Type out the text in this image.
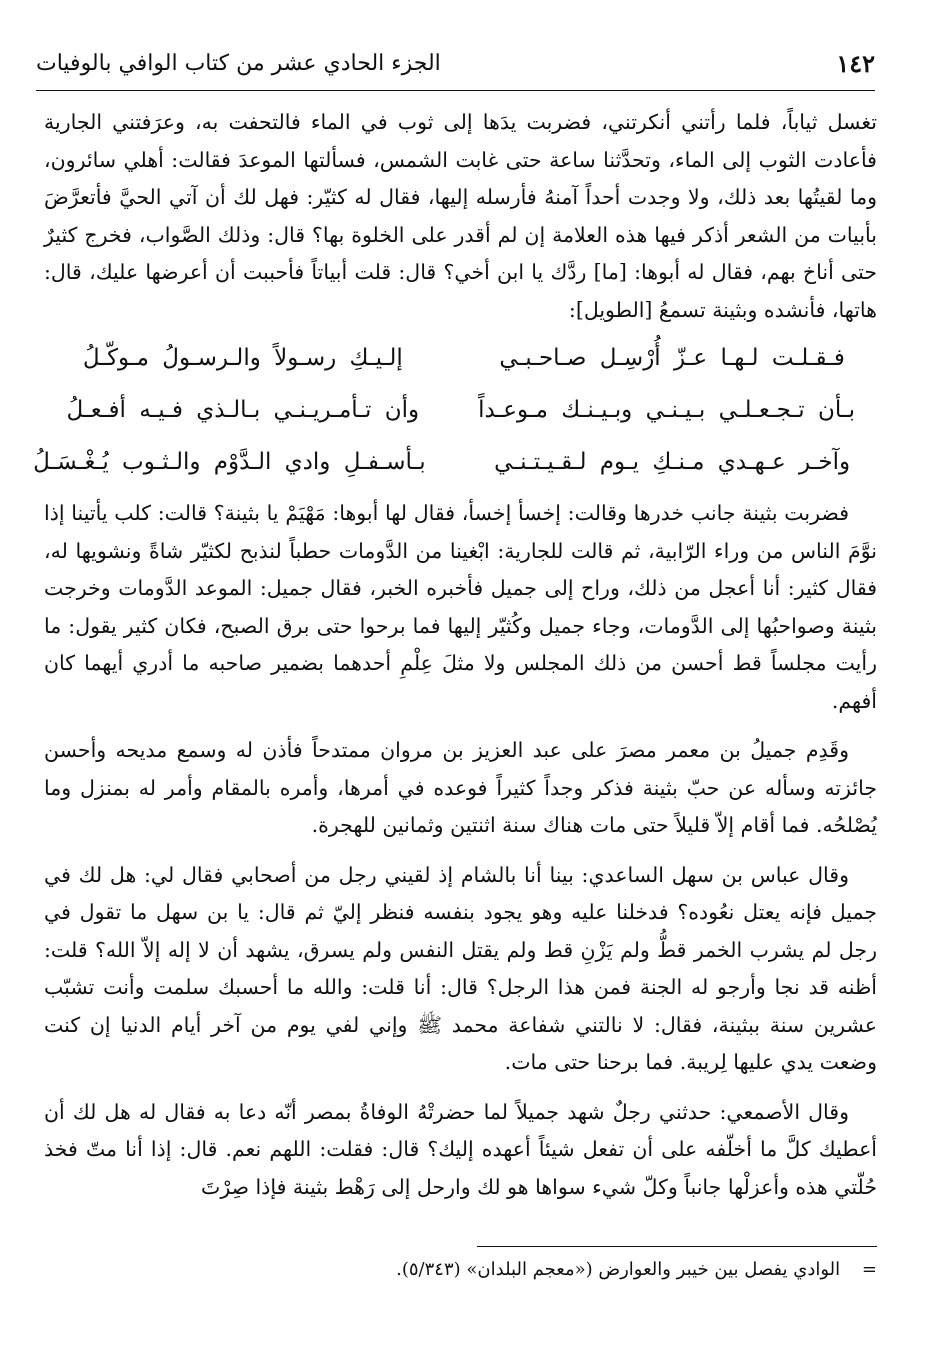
١٤٢
الجزء الحادي عشر من كتاب الوافي بالوفيات

تغسل ثياباً، فلما رأتني أنكرتني، فضربت يدَها إلى ثوب في الماء فالتحفت به، وعرَفتني الجارية فأعادت الثوب إلى الماء، وتحدَّثنا ساعة حتى غابت الشمس، فسألتها الموعدَ فقالت: أهلي سائرون، وما لقيتُها بعد ذلك، ولا وجدت أحداً آمنهُ فأرسله إليها، فقال له كثيّر: فهل لك أن آتي الحيَّ فأتعرَّضَ بأبيات من الشعر أذكر فيها هذه العلامة إن لم أقدر على الخلوة بها؟ قال: وذلك الصَّواب، فخرج كثيرٌ حتى أناخ بهم، فقال له أبوها: [ما] ردَّك يا ابن أخي؟ قال: قلت أبياتاً فأحببت أن أعرضها عليك، قال: هاتها، فأنشده وبثينة تسمعُ [الطويل]:

فـقـلـت لـهـا عـزّ أُرْسِـل صـاحـبـي
إلـيـكِ رسـولاً والـرسـولُ مـوكّـلُ
بـأن تـجـعـلـي بـيـنـي وبـيـنـك مـوعـداً
وأن تـأمـريـنـي بـالـذي فـيـه أفـعـلُ
وآخـر عـهـدي مـنـكِ يـوم لـقـيـتـنـي
بـأسـفـلِ وادي الـدَّوْم والـثـوب يُـغْـسَـلُ

فضربت بثينة جانب خدرها وقالت: إخسأ إخسأ، فقال لها أبوها: مَهْيَمْ يا بثينة؟ قالت: كلب يأتينا إذا نوَّمَ الناس من وراء الرّابية، ثم قالت للجارية: ابْغينا من الدَّومات حطباً لنذبح لكثيّر شاةً ونشويها له، فقال كثير: أنا أعجل من ذلك، وراح إلى جميل فأخبره الخبر، فقال جميل: الموعد الدَّومات وخرجت بثينة وصواحبُها إلى الدَّومات، وجاء جميل وكُثيّر إليها فما برحوا حتى برق الصبح، فكان كثير يقول: ما رأيت مجلساً قط أحسن من ذلك المجلس ولا مثلَ عِلْمِ أحدهما بضمير صاحبه ما أدري أيهما كان أفهم.

وقَدِم جميلُ بن معمر مصرَ على عبد العزيز بن مروان ممتدحاً فأذن له وسمع مديحه وأحسن جائزته وسأله عن حبّ بثينة فذكر وجداً كثيراً فوعده في أمرها، وأمره بالمقام وأمر له بمنزل وما يُصْلحُه. فما أقام إلاّ قليلاً حتى مات هناك سنة اثنتين وثمانين للهجرة.

وقال عباس بن سهل الساعدي: بينا أنا بالشام إذ لقيني رجل من أصحابي فقال لي: هل لك في جميل فإنه يعتل نعُوده؟ فدخلنا عليه وهو يجود بنفسه فنظر إليّ ثم قال: يا بن سهل ما تقول في رجل لم يشرب الخمر قطُّ ولم يَزْنِ قط ولم يقتل النفس ولم يسرق، يشهد أن لا إله إلاّ الله؟ قلت: أظنه قد نجا وأرجو له الجنة فمن هذا الرجل؟ قال: أنا قلت: والله ما أحسبك سلمت وأنت تشبّب عشرين سنة ببثينة، فقال: لا نالتني شفاعة محمد ﷺ وإني لفي يوم من آخر أيام الدنيا إن كنت وضعت يدي عليها لِريبة. فما برحنا حتى مات.

وقال الأصمعي: حدثني رجلٌ شهد جميلاً لما حضرتْهُ الوفاةُ بمصر أنّه دعا به فقال له هل لك أن أعطيك كلَّ ما أخلّفه على أن تفعل شيئاً أعهده إليك؟ قال: فقلت: اللهم نعم. قال: إذا أنا متّ فخذ حُلّتي هذه وأعزلْها جانباً وكلّ شيء سواها هو لك وارحل إلى رَهْط بثينة فإذا صِرْتَ

= الوادي يفصل بين خيبر والعوارض («معجم البلدان» (٥/٣٤٣).
